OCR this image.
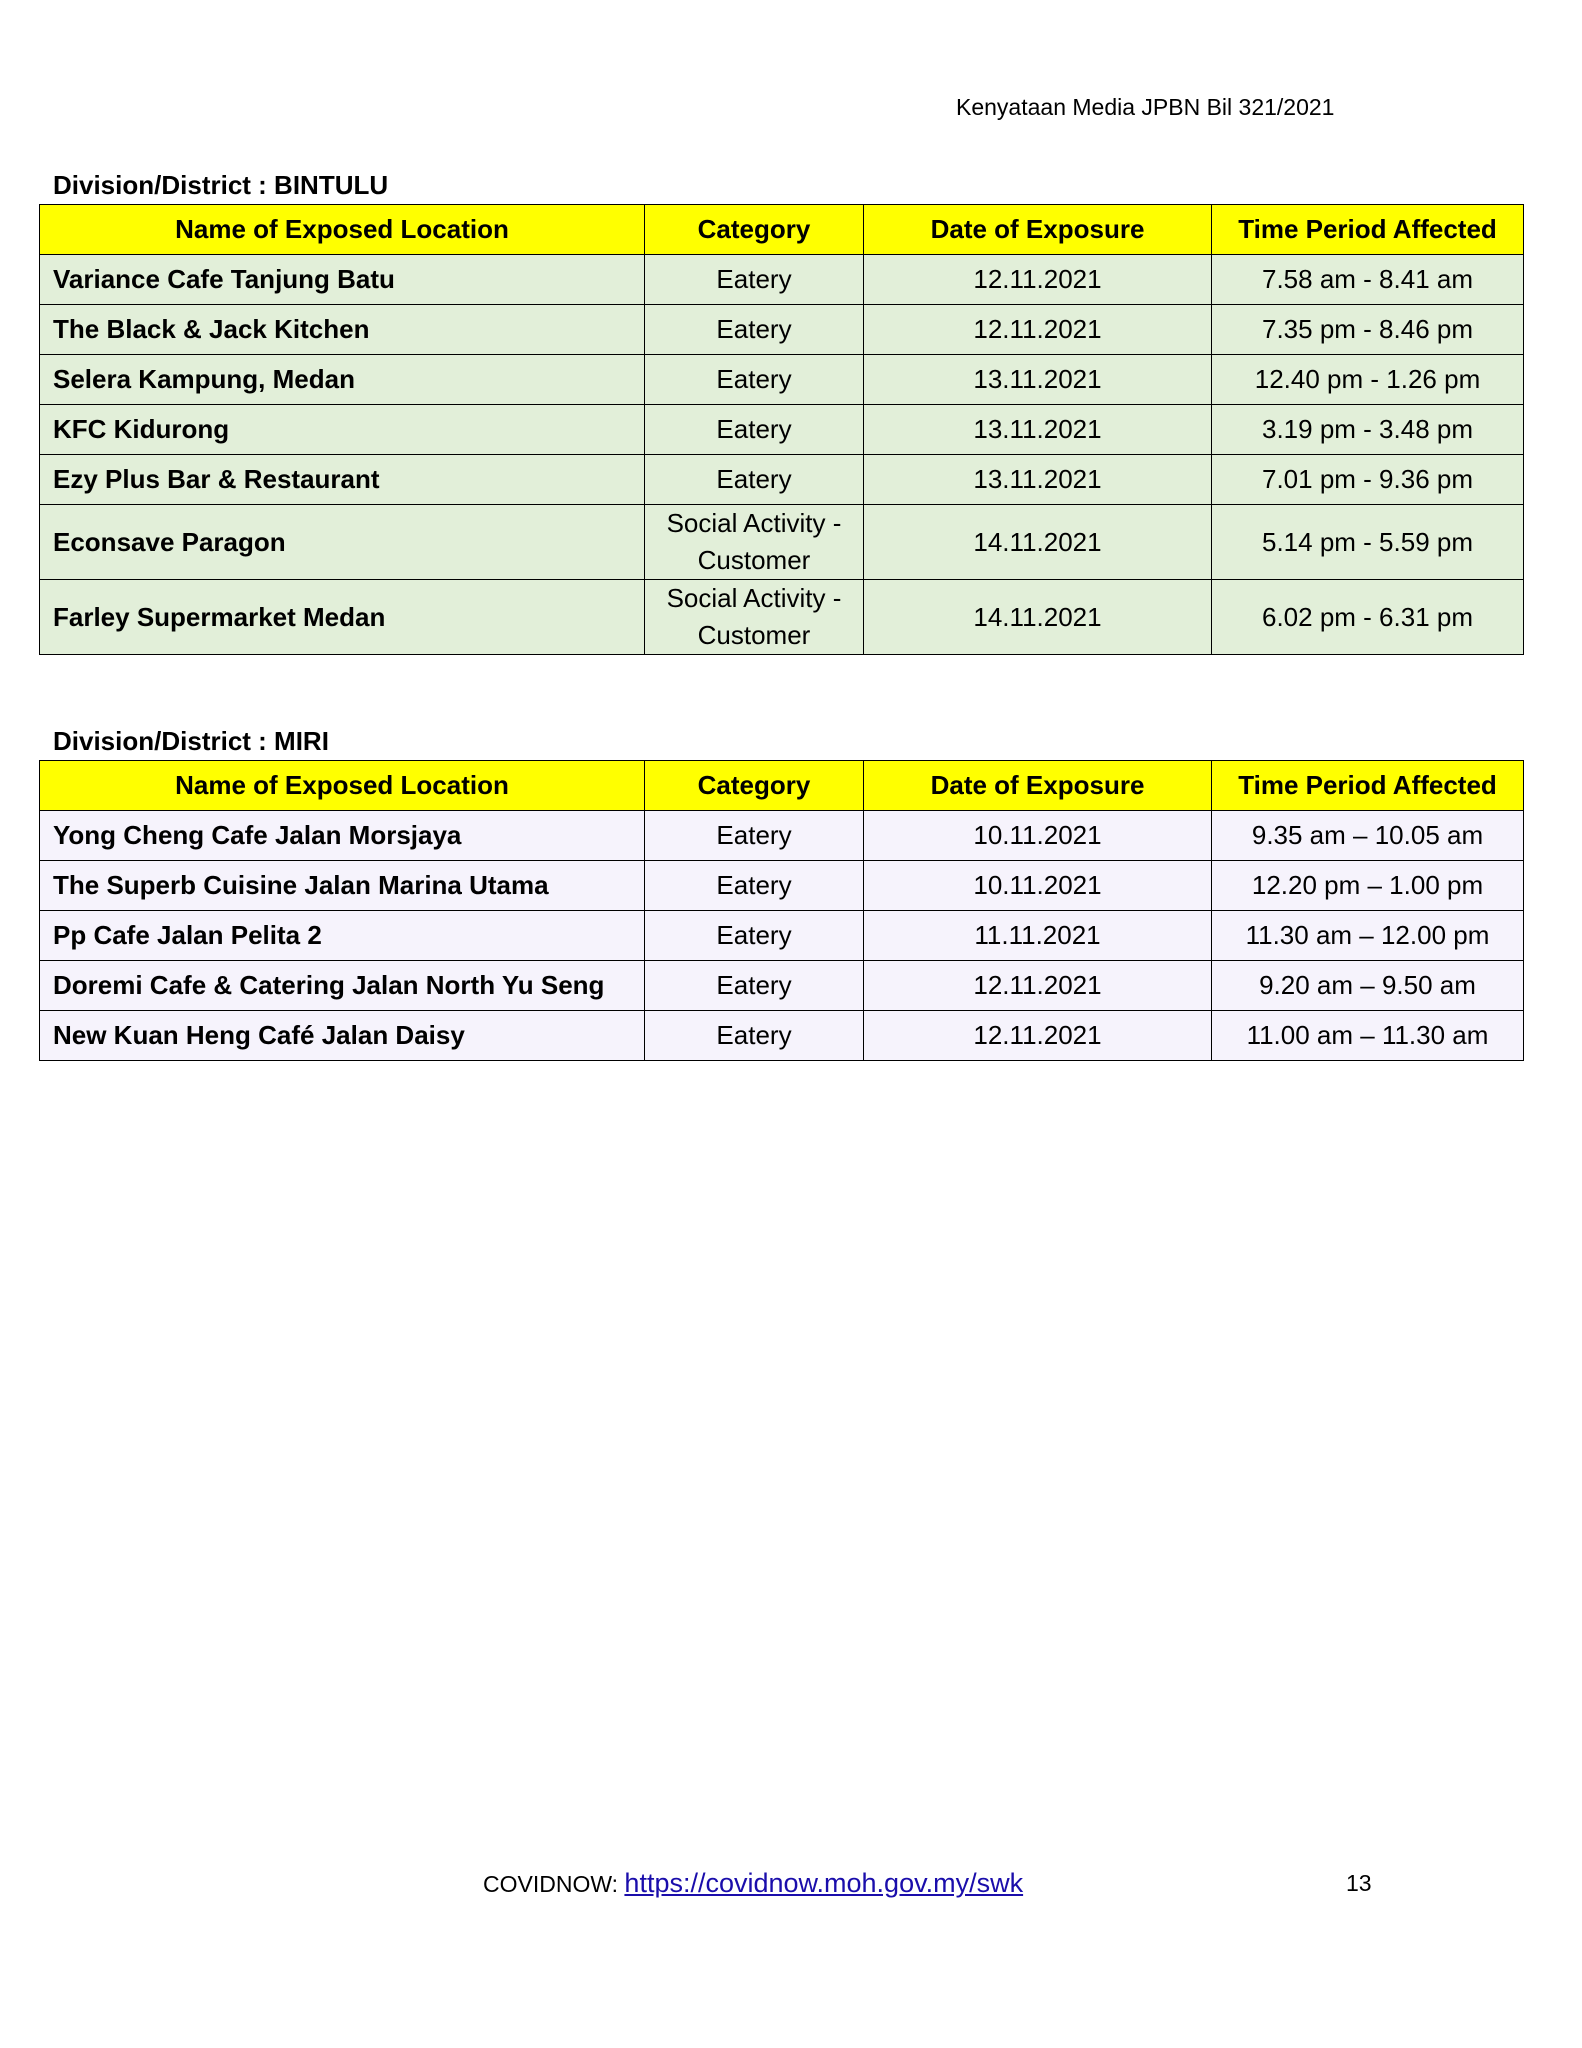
Kenyataan Media JPBN Bil 321/2021
Division/District : BINTULU
Name of Exposed Location	Category	Date of Exposure	Time Period Affected
Variance Cafe Tanjung Batu	Eatery	12.11.2021	7.58 am - 8.41 am
The Black & Jack Kitchen	Eatery	12.11.2021	7.35 pm - 8.46 pm
Selera Kampung, Medan	Eatery	13.11.2021	12.40 pm - 1.26 pm
KFC Kidurong	Eatery	13.11.2021	3.19 pm - 3.48 pm
Ezy Plus Bar & Restaurant	Eatery	13.11.2021	7.01 pm - 9.36 pm
Econsave Paragon	Social Activity - Customer	14.11.2021	5.14 pm - 5.59 pm
Farley Supermarket Medan	Social Activity - Customer	14.11.2021	6.02 pm - 6.31 pm
Division/District : MIRI
Name of Exposed Location	Category	Date of Exposure	Time Period Affected
Yong Cheng Cafe Jalan Morsjaya	Eatery	10.11.2021	9.35 am – 10.05 am
The Superb Cuisine Jalan Marina Utama	Eatery	10.11.2021	12.20 pm – 1.00 pm
Pp Cafe Jalan Pelita 2	Eatery	11.11.2021	11.30 am – 12.00 pm
Doremi Cafe & Catering Jalan North Yu Seng	Eatery	12.11.2021	9.20 am – 9.50 am
New Kuan Heng Café Jalan Daisy	Eatery	12.11.2021	11.00 am – 11.30 am
COVIDNOW: https://covidnow.moh.gov.my/swk	13
